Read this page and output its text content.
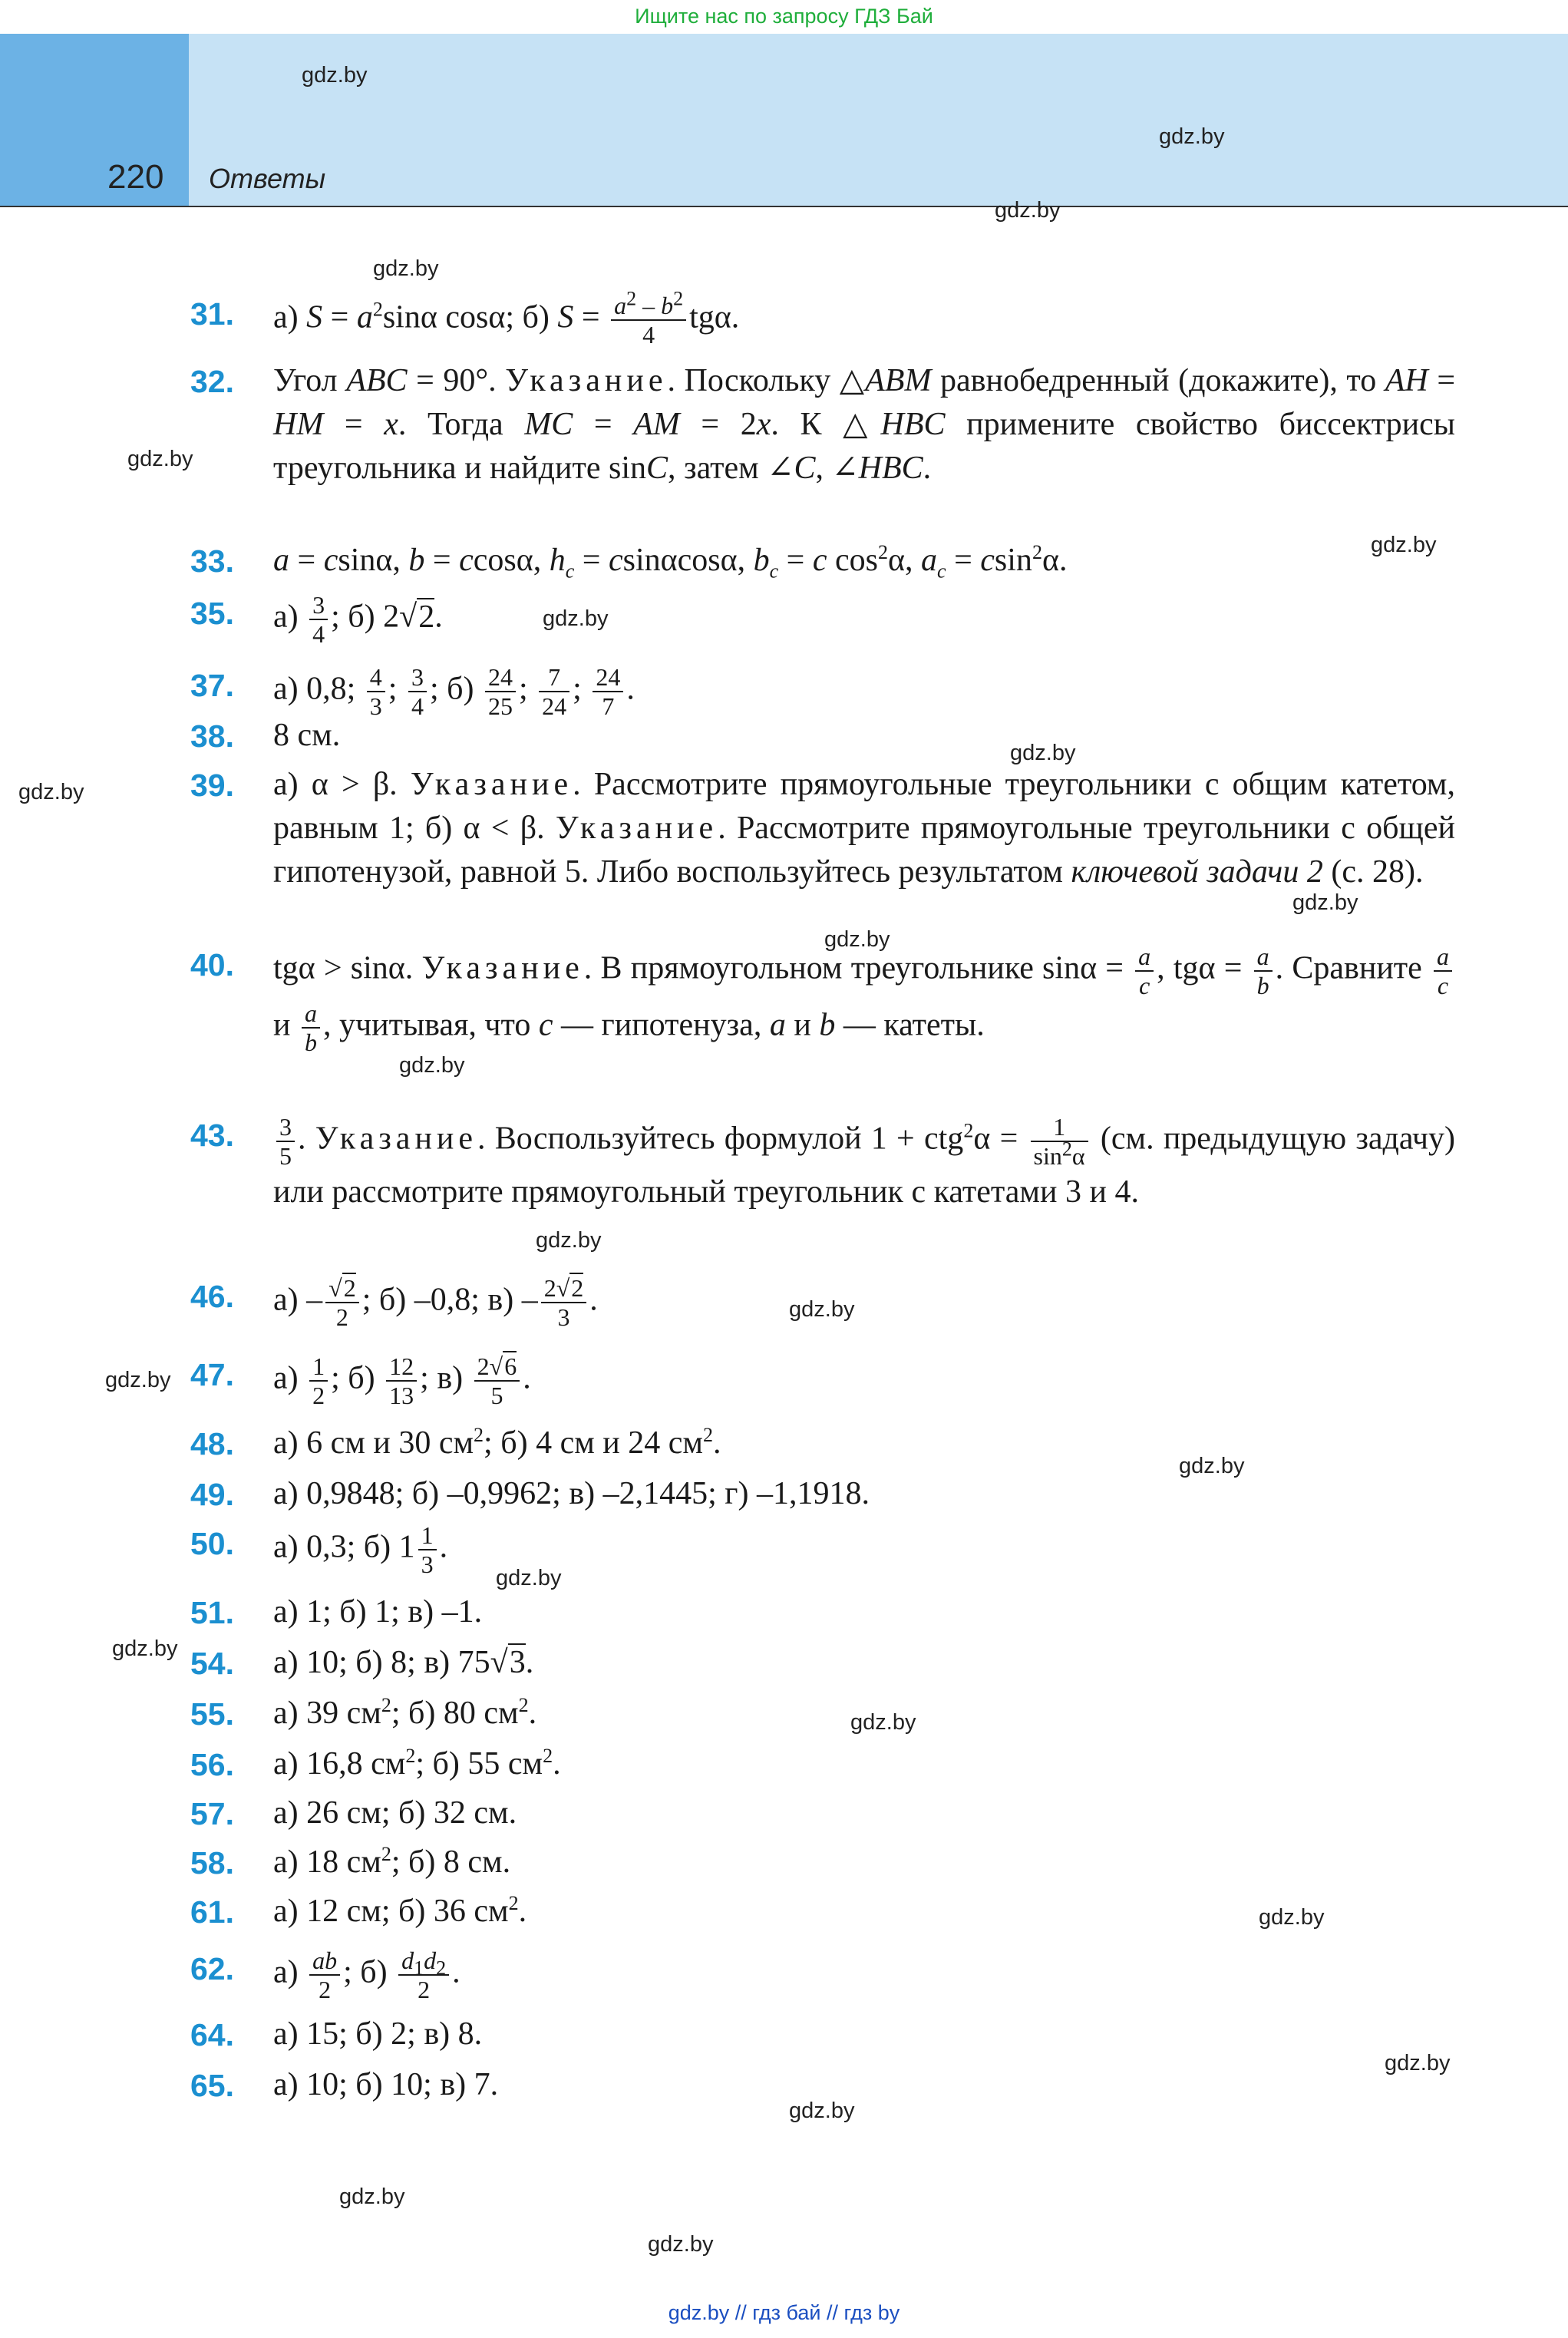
Ищите нас по запросу ГДЗ Бай
220 Ответы
gdz.by
gdz.by
gdz.by
gdz.by
gdz.by
gdz.by
gdz.by
gdz.by
gdz.by
gdz.by
gdz.by
gdz.by
gdz.by
gdz.by
gdz.by
gdz.by
gdz.by
gdz.by
gdz.by
gdz.by
gdz.by
gdz.by
gdz.by
gdz.by
31. а) $S = a^2\sin\alpha$ cosα; б) $S = \frac{a^2 - b^2}{4} tg\alpha$.
32. Угол ABC = 90°. Указание. Поскольку △ABM равнобедренный (докажите), то AH = HM = x. Тогда MC = AM = 2x. К △HBC примените свойство биссектрисы треугольника и найдите sinC, затем ∠C, ∠HBC.
33. a = csinα, b = ccosα, $h_c = csin\alpha\cos\alpha$, $b_c = c$ $\cos^2\alpha$, $a_c = csin^2\alpha$.
35. $а) \frac{3}{4}$ ; б) 2√2.
37. а) 0,8; $\frac{4}{3}$ ; $\frac{3}{4}$ ; $б) \frac{24}{25}$ ; $\frac{7}{24}$ ; $\frac{24}{7}$ .
38. 8 см.
39. а) α > β. Указание. Рассмотрите прямоугольные треугольники с общим катетом, равным 1; б) α < β. Указание. Рассмотрите прямоугольные треугольники с общей гипотенузой, равной 5. Либо воспользуйтесь результатом ключевой задачи 2 (с. 28).
40. tgα > sinα. Указание. В прямоугольном треугольнике $\sin\alpha = \frac{a}{c}$ , $tg\alpha = \frac{a}{b}$ . Сравните $\frac{a}{c}$
и $\frac{a}{b}$ , учитывая, что c — гипотенуза, a и b — катеты.
43. $\frac{3}{5}$ . Указание. Воспользуйтесь формулой $1 + ctg^2\alpha = \frac{1}{\sin^2\alpha} (см$. предыдущую задачу) или рассмотрите прямоугольный треугольник с катетами 3 и 4.
46. $а) - \frac{√2}{2}$ ; б) –0,8; $в) - \frac{2√2}{3}$ .
47. $а) \frac{1}{2}$ ; $б) \frac{12}{13}$ ; $в) \frac{2√6}{5}$ .
48. а) 6 см и 30 $см^2$; б) 4 см и 24 $см^2$.
49. а) 0,9848; б) –0,9962; в) –2,1445; г) –1,1918.
50. а) 0,3; б) $1 \frac{1}{3}$ .
51. а) 1; б) 1; в) –1.
54. а) 10; б) 8; в) 75√3.
55. а) 39 $см^2$; б) 80 $см^2$.
56. а) 16,8 $см^2$; б) 55 $см^2$.
57. а) 26 см; б) 32 см.
58. а) 18 $см^2$; б) 8 см.
61. а) 12 см; б) 36 $см^2$.
62. $а) \frac{ab}{2}$ ; $б) \frac{d_1d_2}{2}$ .
64. а) 15; б) 2; в) 8.
65. а) 10; б) 10; в) 7.
gdz.by // гдз бай // гдз by
